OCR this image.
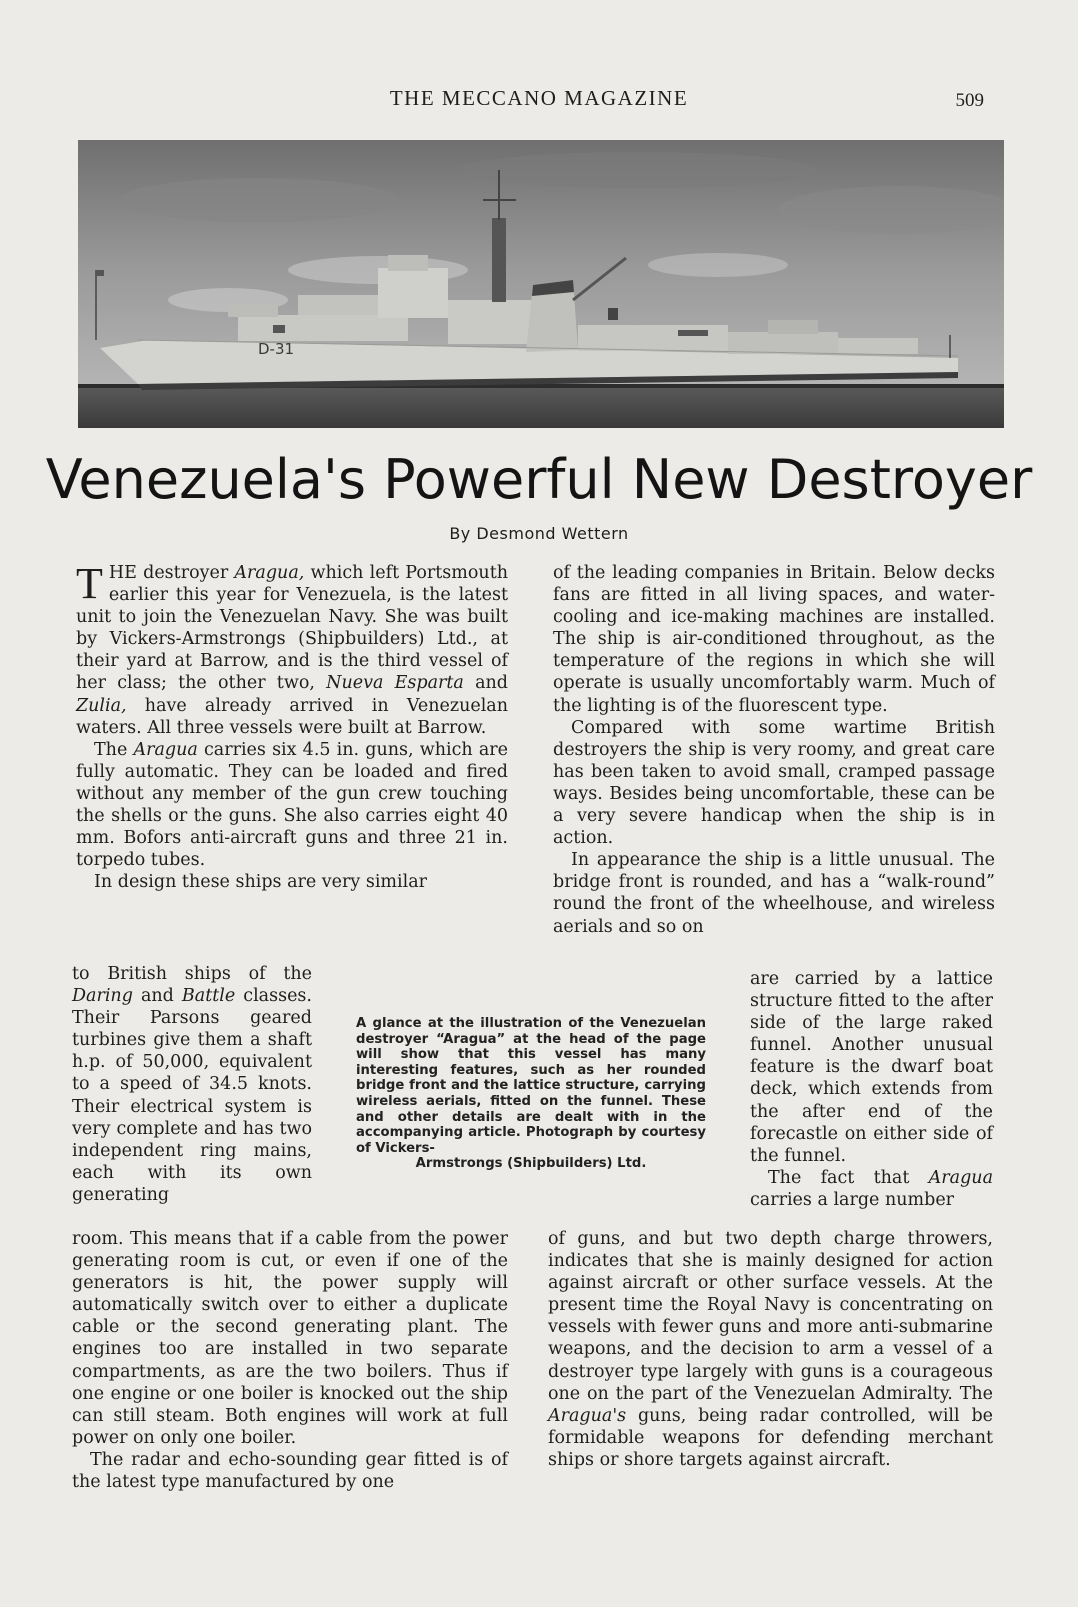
THE MECCANO MAGAZINE	509
D-31
Venezuela's Powerful New Destroyer
By Desmond Wettern

THE destroyer Aragua, which left Portsmouth earlier this year for Venezuela, is the latest unit to join the Venezuelan Navy. She was built by Vickers-Armstrongs (Shipbuilders) Ltd., at their yard at Barrow, and is the third vessel of her class; the other two, Nueva Esparta and Zulia, have already arrived in Venezuelan waters. All three vessels were built at Barrow.

The Aragua carries six 4.5 in. guns, which are fully automatic. They can be loaded and fired without any member of the gun crew touching the shells or the guns. She also carries eight 40 mm. Bofors anti-aircraft guns and three 21 in. torpedo tubes.

In design these ships are very similar

to British ships of the Daring and Battle classes. Their Parsons geared turbines give them a shaft h.p. of 50,000, equivalent to a speed of 34.5 knots. Their electrical system is very complete and has two independent ring mains, each with its own generating

room. This means that if a cable from the power generating room is cut, or even if one of the generators is hit, the power supply will automatically switch over to either a duplicate cable or the second generating plant. The engines too are installed in two separate compartments, as are the two boilers. Thus if one engine or one boiler is knocked out the ship can still steam. Both engines will work at full power on only one boiler.

The radar and echo-sounding gear fitted is of the latest type manufactured by one

of the leading companies in Britain. Below decks fans are fitted in all living spaces, and water-cooling and ice-making machines are installed. The ship is air-conditioned throughout, as the temperature of the regions in which she will operate is usually uncomfortably warm. Much of the lighting is of the fluorescent type.

Compared with some wartime British destroyers the ship is very roomy, and great care has been taken to avoid small, cramped passage ways. Besides being uncomfortable, these can be a very severe handicap when the ship is in action.

In appearance the ship is a little unusual. The bridge front is rounded, and has a “walk-round” round the front of the wheelhouse, and wireless aerials and so on

are carried by a lattice structure fitted to the after side of the large raked funnel. Another unusual feature is the dwarf boat deck, which extends from the after end of the forecastle on either side of the funnel.

The fact that Aragua carries a large number

of guns, and but two depth charge throwers, indicates that she is mainly designed for action against aircraft or other surface vessels. At the present time the Royal Navy is concentrating on vessels with fewer guns and more anti-submarine weapons, and the decision to arm a vessel of a destroyer type largely with guns is a courageous one on the part of the Venezuelan Admiralty. The Aragua's guns, being radar controlled, will be formidable weapons for defending merchant ships or shore targets against aircraft.

A glance at the illustration of the Venezuelan destroyer “Aragua” at the head of the page will show that this vessel has many interesting features, such as her rounded bridge front and the lattice structure, carrying wireless aerials, fitted on the funnel. These and other details are dealt with in the accompanying article. Photograph by courtesy of Vickers-
Armstrongs (Shipbuilders) Ltd.
